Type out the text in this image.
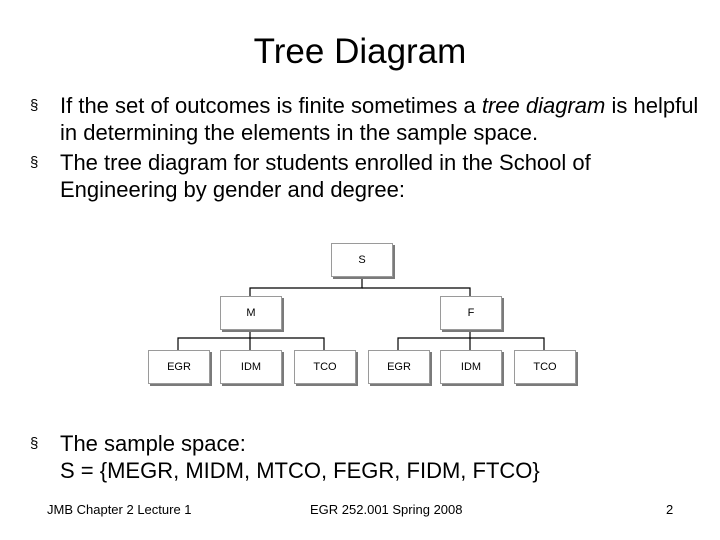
Tree Diagram
§ If the set of outcomes is finite sometimes a tree diagram is helpful in determining the elements in the sample space.
§ The tree diagram for students enrolled in the School of Engineering by gender and degree:
S
M	F
EGR	IDM	TCO	EGR	IDM	TCO
§ The sample space:
S = {MEGR, MIDM, MTCO, FEGR, FIDM, FTCO}
JMB Chapter 2 Lecture 1	EGR 252.001 Spring 2008	2
